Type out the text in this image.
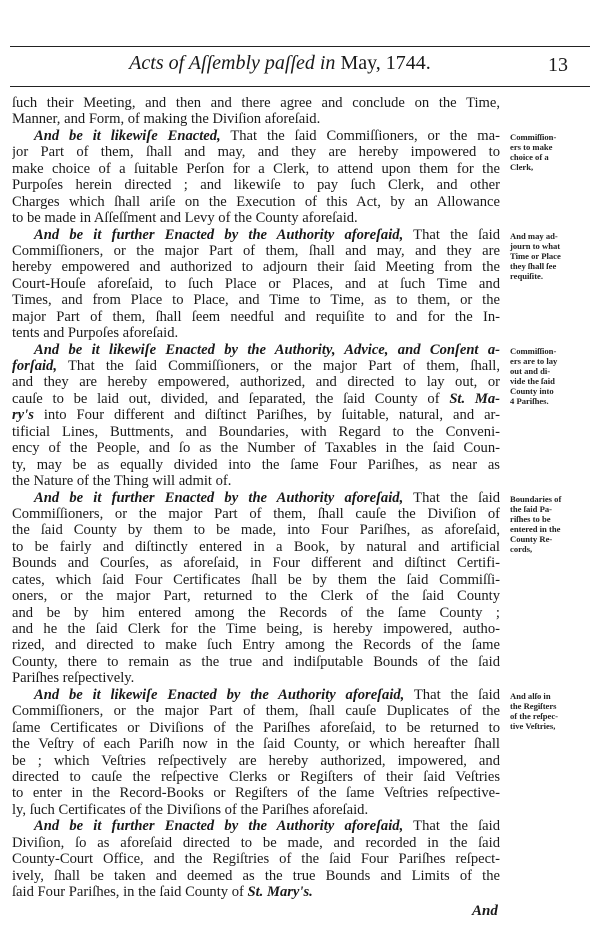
Acts of Aſſembly paſſed in May, 1744.	13
ſuch their Meeting, and then and there agree and conclude on the Time,
Manner, and Form, of making the Diviſion aforeſaid.
And be it likewiſe Enacted, That the ſaid Commiſſioners, or the ma-
jor Part of them, ſhall and may, and they are hereby impowered to
make choice of a ſuitable Perſon for a Clerk, to attend upon them for the
Purpoſes herein directed ; and likewiſe to pay ſuch Clerk, and other
Charges which ſhall ariſe on the Execution of this Act, by an Allowance
to be made in Aſſeſſment and Levy of the County aforeſaid.
Commiſſion-
ers to make
choice of a
Clerk,
And be it further Enacted by the Authority aforeſaid, That the ſaid
Commiſſioners, or the major Part of them, ſhall and may, and they are
hereby empowered and authorized to adjourn their ſaid Meeting from the
Court-Houſe aforeſaid, to ſuch Place or Places, and at ſuch Time and
Times, and from Place to Place, and Time to Time, as to them, or the
major Part of them, ſhall ſeem needful and requiſite to and for the In-
tents and Purpoſes aforeſaid.
And may ad-
journ to what
Time or Place
they ſhall ſee
requiſite.
And be it likewiſe Enacted by the Authority, Advice, and Conſent a-
forſaid, That the ſaid Commiſſioners, or the major Part of them, ſhall,
and they are hereby empowered, authorized, and directed to lay out, or
cauſe to be laid out, divided, and ſeparated, the ſaid County of St. Ma-
ry's into Four different and diſtinct Pariſhes, by ſuitable, natural, and ar-
tificial Lines, Buttments, and Boundaries, with Regard to the Conveni-
ency of the People, and ſo as the Number of Taxables in the ſaid Coun-
ty, may be as equally divided into the ſame Four Pariſhes, as near as
the Nature of the Thing will admit of.
Commiſſion-
ers are to lay
out and di-
vide the ſaid
County into
4 Pariſhes.
And be it further Enacted by the Authority aforeſaid, That the ſaid
Commiſſioners, or the major Part of them, ſhall cauſe the Diviſion of
the ſaid County by them to be made, into Four Pariſhes, as aforeſaid,
to be fairly and diſtinctly entered in a Book, by natural and artificial
Bounds and Courſes, as aforeſaid, in Four different and diſtinct Certifi-
cates, which ſaid Four Certificates ſhall be by them the ſaid Commiſſi-
oners, or the major Part, returned to the Clerk of the ſaid County
and be by him entered among the Records of the ſame County ;
and he the ſaid Clerk for the Time being, is hereby impowered, autho-
rized, and directed to make ſuch Entry among the Records of the ſame
County, there to remain as the true and indiſputable Bounds of the ſaid
Pariſhes reſpectively.
Boundaries of
the ſaid Pa-
riſhes to be
entered in the
County Re-
cords,
And be it likewiſe Enacted by the Authority aforeſaid, That the ſaid
Commiſſioners, or the major Part of them, ſhall cauſe Duplicates of the
ſame Certificates or Diviſions of the Pariſhes aforeſaid, to be returned to
the Veſtry of each Pariſh now in the ſaid County, or which hereafter ſhall
be ; which Veſtries reſpectively are hereby authorized, impowered, and
directed to cauſe the reſpective Clerks or Regiſters of their ſaid Veſtries
to enter in the Record-Books or Regiſters of the ſame Veſtries reſpective-
ly, ſuch Certificates of the Diviſions of the Pariſhes aforeſaid.
And alſo in
the Regiſters
of the reſpec-
tive Veſtries,
And be it further Enacted by the Authority aforeſaid, That the ſaid
Diviſion, ſo as aforeſaid directed to be made, and recorded in the ſaid
County-Court Office, and the Regiſtries of the ſaid Four Pariſhes reſpect-
ively, ſhall be taken and deemed as the true Bounds and Limits of the
ſaid Four Pariſhes, in the ſaid County of St. Mary's.
And
